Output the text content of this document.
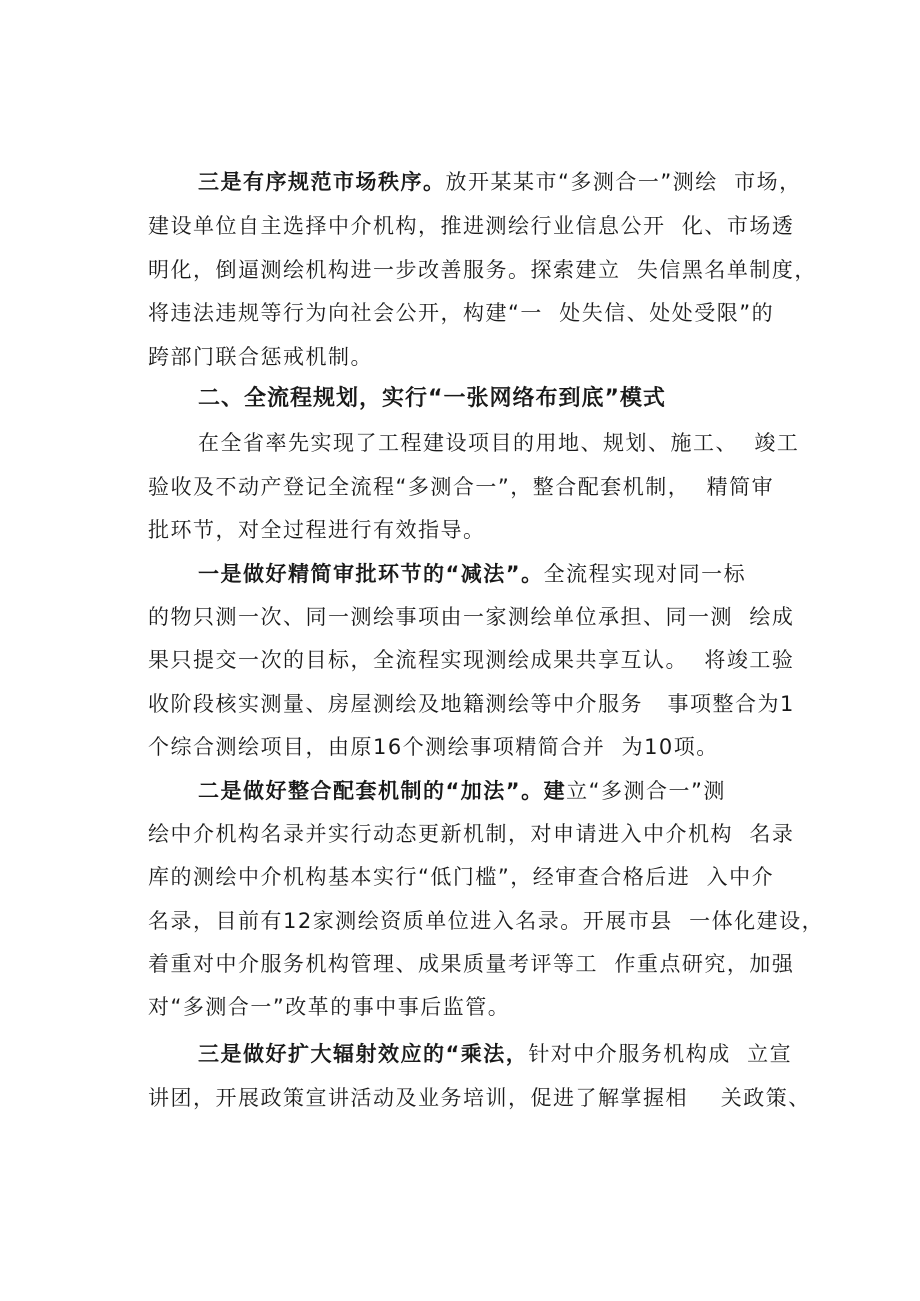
三是有序规范市场秩序。放开某某市“多测合一”测绘  市场，
建设单位自主选择中介机构，推进测绘行业信息公开  化、市场透
明化，倒逼测绘机构进一步改善服务。探索建立  失信黑名单制度，
将违法违规等行为向社会公开，构建“一  处失信、处处受限”的
跨部门联合惩戒机制。
二、全流程规划，实行“一张网络布到底”模式
在全省率先实现了工程建设项目的用地、规划、施工、  竣工
验收及不动产登记全流程“多测合一”，整合配套机制，  精简审
批环节，对全过程进行有效指导。
一是做好精简审批环节的“减法”。全流程实现对同一标
的物只测一次、同一测绘事项由一家测绘单位承担、同一测  绘成
果只提交一次的目标，全流程实现测绘成果共享互认。  将竣工验
收阶段核实测量、房屋测绘及地籍测绘等中介服务   事项整合为1
个综合测绘项目，由原16个测绘事项精简合并  为10项。
二是做好整合配套机制的“加法”。建立“多测合一”测
绘中介机构名录并实行动态更新机制，对申请进入中介机构  名录
库的测绘中介机构基本实行“低门槛”，经审查合格后进  入中介
名录，目前有12家测绘资质单位进入名录。开展市县  一体化建设，
着重对中介服务机构管理、成果质量考评等工  作重点研究，加强
对“多测合一”改革的事中事后监管。
三是做好扩大辐射效应的“乘法，针对中介服务机构成  立宣
讲团，开展政策宣讲活动及业务培训，促进了解掌握相    关政策、
